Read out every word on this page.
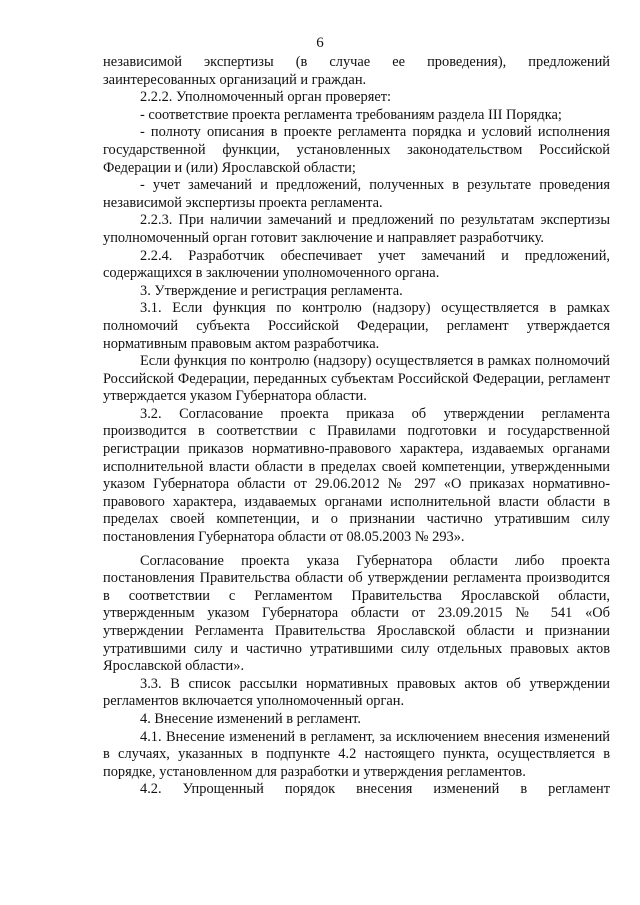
6

независимой экспертизы (в случае ее проведения), предложений заинтересованных организаций и граждан.

2.2.2. Уполномоченный орган проверяет:

- соответствие проекта регламента требованиям раздела III Порядка;

- полноту описания в проекте регламента порядка и условий исполнения государственной функции, установленных законодательством Российской Федерации и (или) Ярославской области;

- учет замечаний и предложений, полученных в результате проведения независимой экспертизы проекта регламента.

2.2.3. При наличии замечаний и предложений по результатам экспертизы уполномоченный орган готовит заключение и направляет разработчику.

2.2.4. Разработчик обеспечивает учет замечаний и предложений, содержащихся в заключении уполномоченного органа.

3. Утверждение и регистрация регламента.

3.1. Если функция по контролю (надзору) осуществляется в рамках полномочий субъекта Российской Федерации, регламент утверждается нормативным правовым актом разработчика.

Если функция по контролю (надзору) осуществляется в рамках полномочий Российской Федерации, переданных субъектам Российской Федерации, регламент утверждается указом Губернатора области.

3.2. Согласование проекта приказа об утверждении регламента производится в соответствии с Правилами подготовки и государственной регистрации приказов нормативно-правового характера, издаваемых органами исполнительной власти области в пределах своей компетенции, утвержденными указом Губернатора области от 29.06.2012 № 297 «О приказах нормативно-правового характера, издаваемых органами исполнительной власти области в пределах своей компетенции, и о признании частично утратившим силу постановления Губернатора области от 08.05.2003 № 293».

Согласование проекта указа Губернатора области либо проекта постановления Правительства области об утверждении регламента производится в соответствии с Регламентом Правительства Ярославской области, утвержденным указом Губернатора области от 23.09.2015 № 541 «Об утверждении Регламента Правительства Ярославской области и признании утратившими силу и частично утратившими силу отдельных правовых актов Ярославской области».

3.3. В список рассылки нормативных правовых актов об утверждении регламентов включается уполномоченный орган.

4. Внесение изменений в регламент.

4.1. Внесение изменений в регламент, за исключением внесения изменений в случаях, указанных в подпункте 4.2 настоящего пункта, осуществляется в порядке, установленном для разработки и утверждения регламентов.

4.2. Упрощенный порядок внесения изменений в регламент
